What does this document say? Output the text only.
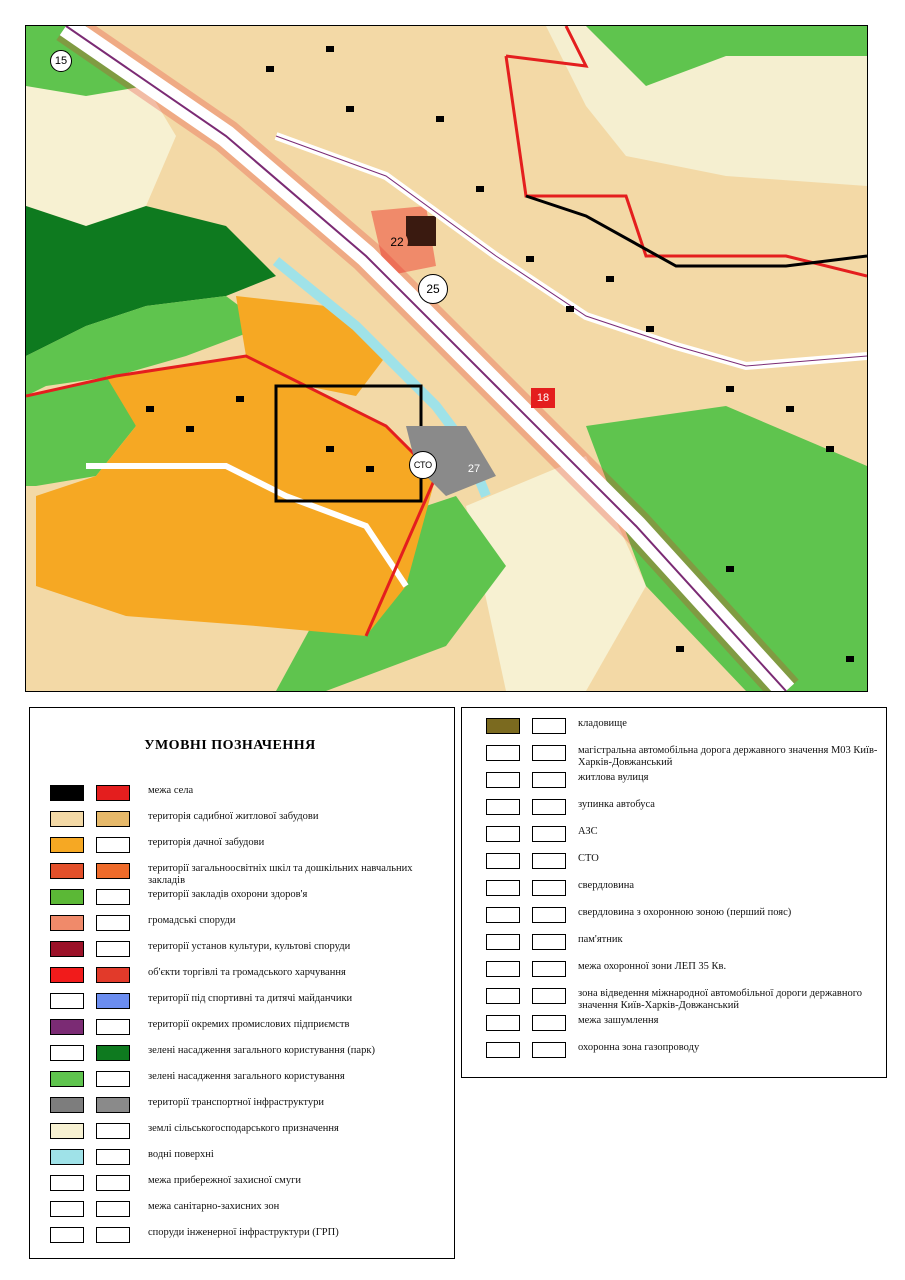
15
22
25
18
27
СТО
УМОВНІ ПОЗНАЧЕННЯ
межа села
територія садибної житлової забудови
територія дачної забудови
території загальноосвітніх шкіл та дошкільних навчальних закладів
території закладів охорони здоров'я
громадські споруди
території установ культури, культові споруди
об'єкти торгівлі та громадського харчування
території під спортивні та дитячі майданчики
території окремих промислових підприємств
зелені насадження загального користування (парк)
зелені насадження загального користування
території транспортної інфраструктури
землі сільськогосподарського призначення
водні поверхні
межа прибережної захисної смуги
межа санітарно-захисних зон
споруди інженерної інфраструктури (ГРП)
кладовище
магістральна автомобільна дорога державного значення М03 Київ-Харків-Довжанський
житлова вулиця
зупинка автобуса
АЗС
СТО
свердловина
свердловина з охоронною зоною (перший пояс)
пам'ятник
межа охоронної зони ЛЕП 35 Кв.
зона відведення міжнародної автомобільної дороги державного значення Київ-Харків-Довжанський
межа зашумлення
охоронна зона газопроводу
